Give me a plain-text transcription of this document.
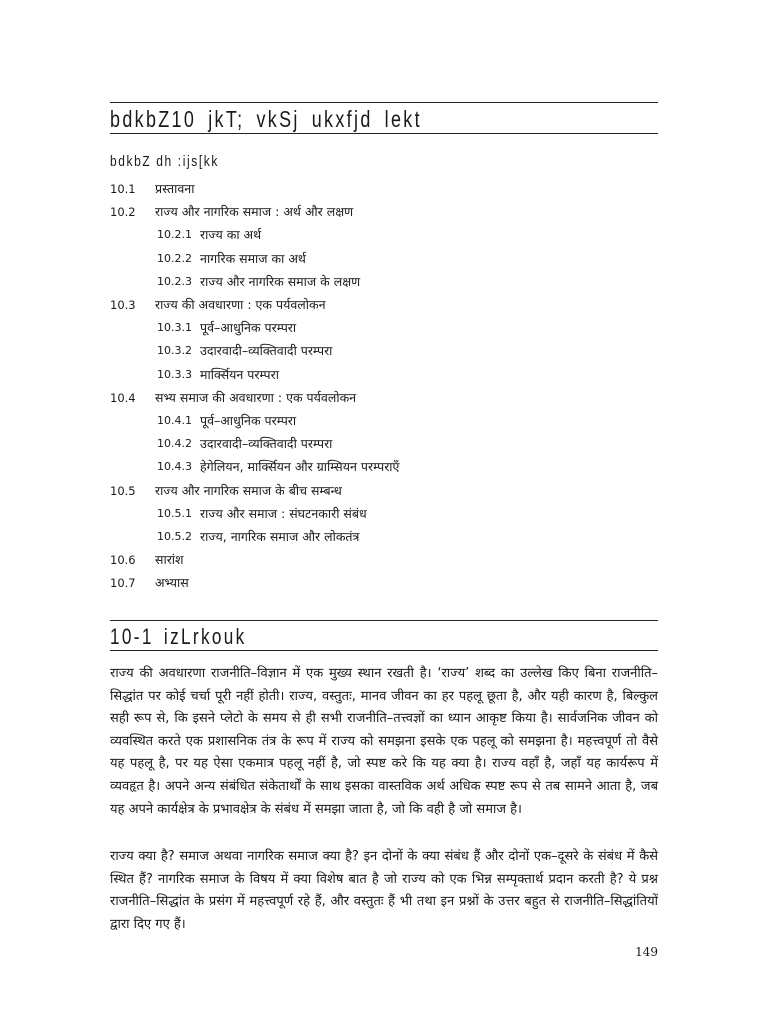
bdkbZ10 jkT; vkSj ukxfjd lekt
bdkbZ dh :ijs[kk
10.1 प्रस्तावना
10.2 राज्य और नागरिक समाज : अर्थ और लक्षण
10.2.1 राज्य का अर्थ
10.2.2 नागरिक समाज का अर्थ
10.2.3 राज्य और नागरिक समाज के लक्षण
10.3 राज्य की अवधारणा : एक पर्यवलोकन
10.3.1 पूर्व–आधुनिक परम्परा
10.3.2 उदारवादी–व्यक्तिवादी परम्परा
10.3.3 मार्क्सियन परम्परा
10.4 सभ्य समाज की अवधारणा : एक पर्यवलोकन
10.4.1 पूर्व–आधुनिक परम्परा
10.4.2 उदारवादी–व्यक्तिवादी परम्परा
10.4.3 हेगेलियन, मार्क्सियन और ग्राम्सियन परम्पराएँ
10.5 राज्य और नागरिक समाज के बीच सम्बन्ध
10.5.1 राज्य और समाज : संघटनकारी संबंध
10.5.2 राज्य, नागरिक समाज और लोकतंत्र
10.6 सारांश
10.7 अभ्यास
10-1 izLrkouk

राज्य की अवधारणा राजनीति–विज्ञान में एक मुख्य स्थान रखती है। ‘राज्य’ शब्द का उल्लेख किए बिना राजनीति–सिद्धांत पर कोई चर्चा पूरी नहीं होती। राज्य, वस्तुतः, मानव जीवन का हर पहलू छूता है, और यही कारण है, बिल्कुल सही रूप से, कि इसने प्लेटो के समय से ही सभी राजनीति–तत्त्वज्ञों का ध्यान आकृष्ट किया है। सार्वजनिक जीवन को व्यवस्थित करते एक प्रशासनिक तंत्र के रूप में राज्य को समझना इसके एक पहलू को समझना है। महत्त्वपूर्ण तो वैसे यह पहलू है, पर यह ऐसा एकमात्र पहलू नहीं है, जो स्पष्ट करे कि यह क्या है। राज्य वहाँ है, जहाँ यह कार्यरूप में व्यवहृत है। अपने अन्य संबंधित संकेतार्थों के साथ इसका वास्तविक अर्थ अधिक स्पष्ट रूप से तब सामने आता है, जब यह अपने कार्यक्षेत्र के प्रभावक्षेत्र के संबंध में समझा जाता है, जो कि वही है जो समाज है।

राज्य क्या है? समाज अथवा नागरिक समाज क्या है? इन दोनों के क्या संबंध हैं और दोनों एक–दूसरे के संबंध में कैसे स्थित हैं? नागरिक समाज के विषय में क्या विशेष बात है जो राज्य को एक भिन्न सम्पृक्तार्थ प्रदान करती है? ये प्रश्न राजनीति–सिद्धांत के प्रसंग में महत्त्वपूर्ण रहे हैं, और वस्तुतः हैं भी तथा इन प्रश्नों के उत्तर बहुत से राजनीति–सिद्धांतियों द्वारा दिए गए हैं।

149
